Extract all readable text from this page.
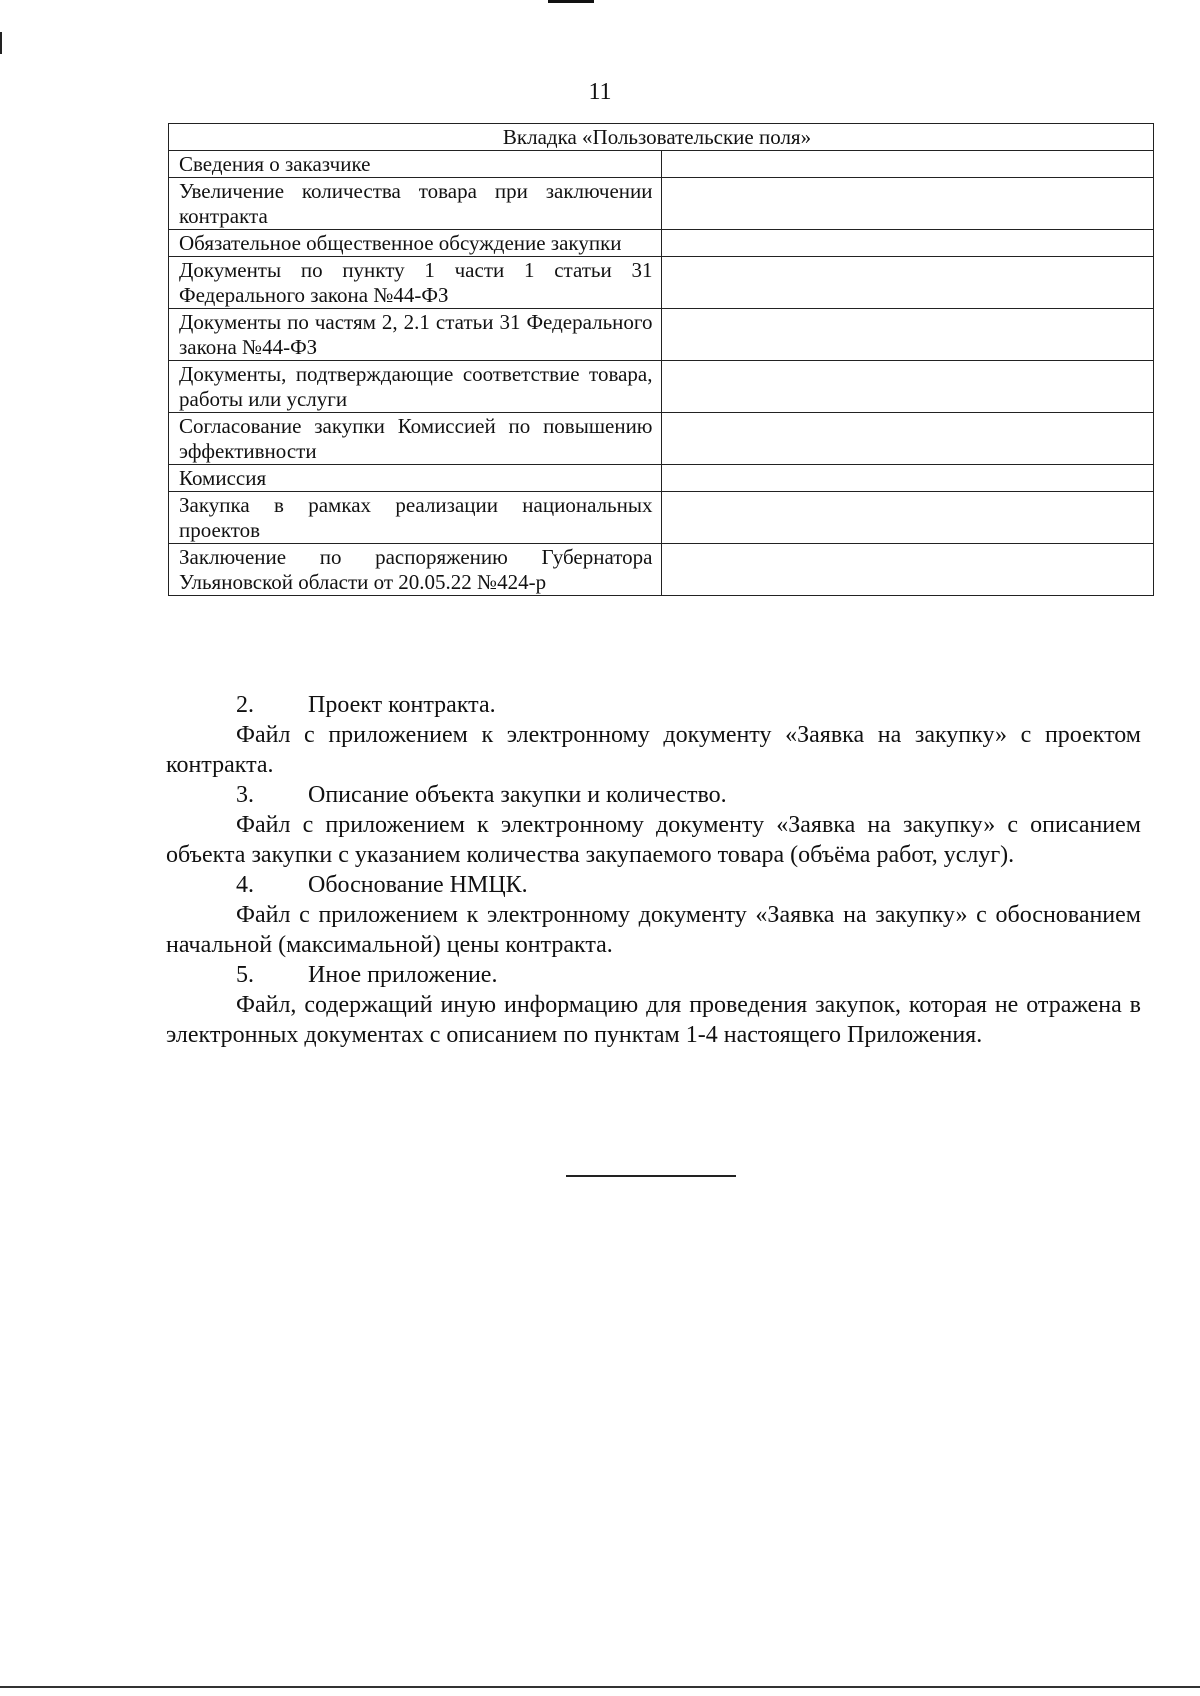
11
Вкладка «Пользовательские поля»	
Сведения о заказчике	
Увеличение количества товара при заключении контракта	
Обязательное общественное обсуждение закупки	
Документы по пункту 1 части 1 статьи 31 Федерального закона №44-ФЗ	
Документы по частям 2, 2.1 статьи 31 Федерального закона №44-ФЗ	
Документы, подтверждающие соответствие товара, работы или услуги	
Согласование закупки Комиссией по повышению эффективности	
Комиссия	
Закупка в рамках реализации национальных проектов	
Заключение по распоряжению Губернатора Ульяновской области от 20.05.22 №424-р	
2. Проект контракта.

Файл с приложением к электронному документу «Заявка на закупку» с проектом контракта.

3. Описание объекта закупки и количество.

Файл с приложением к электронному документу «Заявка на закупку» с описанием объекта закупки с указанием количества закупаемого товара (объёма работ, услуг).

4. Обоснование НМЦК.

Файл с приложением к электронному документу «Заявка на закупку» с обоснованием начальной (максимальной) цены контракта.

5. Иное приложение.

Файл, содержащий иную информацию для проведения закупок, которая не отражена в электронных документах с описанием по пунктам 1-4 настоящего Приложения.
